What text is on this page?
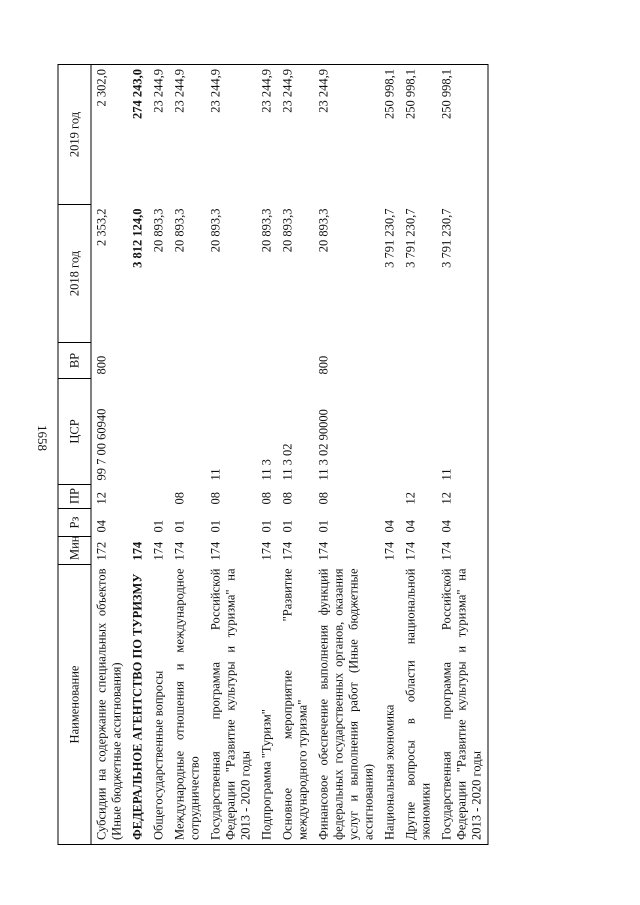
1658
Наименование	Мин	Рз	ПР	ЦСР	ВР	2018 год	2019 год
Субсидии на содержание специальных объектов (Иные бюджетные ассигнования)	172	04	12	99 7 00 60940	800	2 353,2	2 302,0
ФЕДЕРАЛЬНОЕ АГЕНТСТВО ПО ТУРИЗМУ	174					3 812 124,0	274 243,0
Общегосударственные вопросы	174	01				20 893,3	23 244,9
Международные отношения и международное сотрудничество	174	01	08			20 893,3	23 244,9
Государственная программа Российской Федерации "Развитие культуры и туризма" на 2013 - 2020 годы	174	01	08	11		20 893,3	23 244,9
Подпрограмма "Туризм"	174	01	08	11 3		20 893,3	23 244,9
Основное мероприятие "Развитие международного туризма"	174	01	08	11 3 02		20 893,3	23 244,9
Финансовое обеспечение выполнения функций федеральных государственных органов, оказания услуг и выполнения работ (Иные бюджетные ассигнования)	174	01	08	11 3 02 90000	800	20 893,3	23 244,9
Национальная экономика	174	04				3 791 230,7	250 998,1
Другие вопросы в области национальной экономики	174	04	12			3 791 230,7	250 998,1
Государственная программа Российской Федерации "Развитие культуры и туризма" на 2013 - 2020 годы	174	04	12	11		3 791 230,7	250 998,1
